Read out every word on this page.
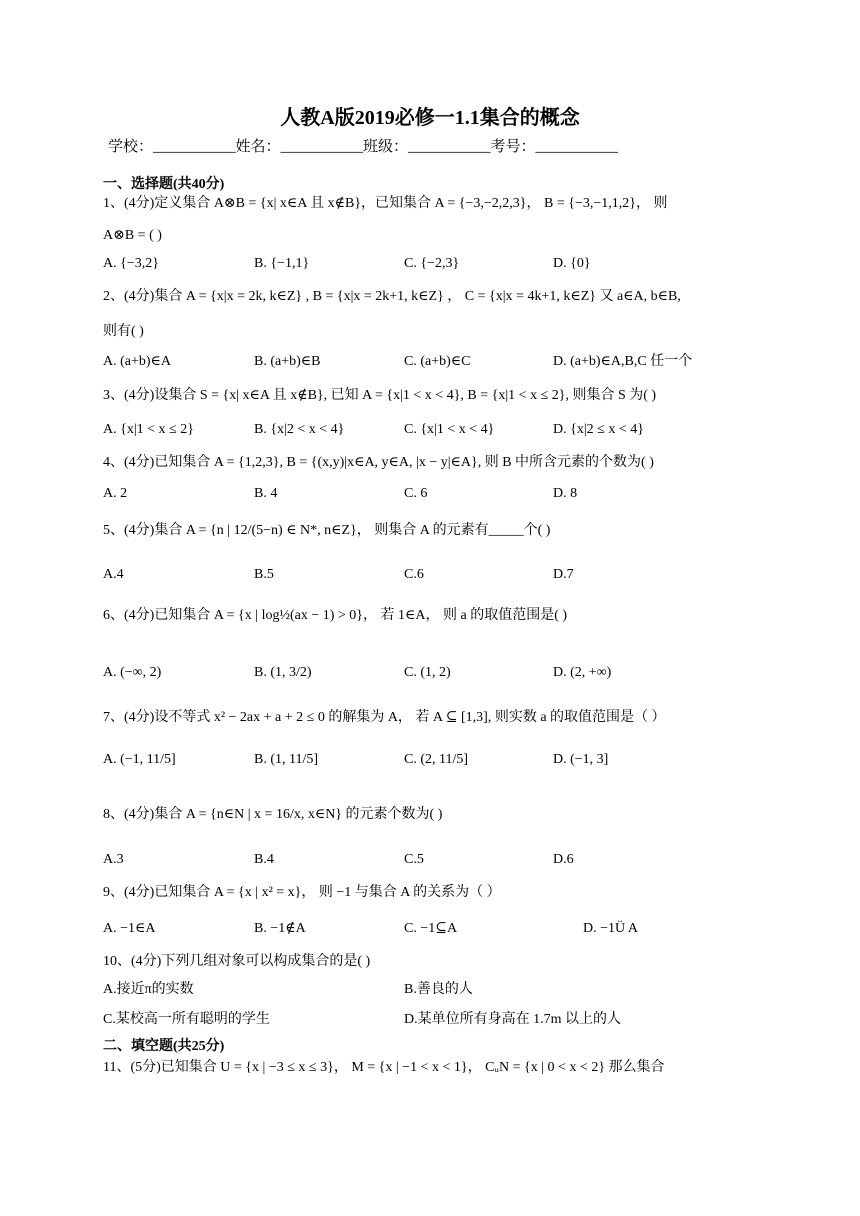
人教A版2019必修一1.1集合的概念
学校：___________姓名：___________班级：___________考号：___________
一、选择题(共40分)
1、(4分)定义集合 A⊗B = {x| x∈A 且 x∉B}，已知集合 A = {−3,−2,2,3}， B = {−3,−1,1,2}， 则
A⊗B = ( )
A. {−3,2}	B. {−1,1}	C. {−2,3}	D. {0}
2、(4分)集合 A = {x|x = 2k, k∈Z} , B = {x|x = 2k+1, k∈Z} ， C = {x|x = 4k+1, k∈Z} 又 a∈A, b∈B,
则有( )
A. (a+b)∈A	B. (a+b)∈B	C. (a+b)∈C	D. (a+b)∈A,B,C 任一个
3、(4分)设集合 S = {x| x∈A 且 x∉B}, 已知 A = {x|1 < x < 4}, B = {x|1 < x ≤ 2}, 则集合 S 为( )
A. {x|1 < x ≤ 2}	B. {x|2 < x < 4}	C. {x|1 < x < 4}	D. {x|2 ≤ x < 4}
4、(4分)已知集合 A = {1,2,3}, B = {(x,y)|x∈A, y∈A, |x − y|∈A}, 则 B 中所含元素的个数为( )
A. 2	B. 4	C. 6	D. 8
5、(4分)集合 A = {n | 12/(5−n) ∈ N*, n∈Z}， 则集合 A 的元素有_____个( )
A.4	B.5	C.6	D.7
6、(4分)已知集合 A = {x | log½(ax − 1) > 0}， 若 1∈A， 则 a 的取值范围是( )
A. (−∞, 2)	B. (1, 3/2)	C. (1, 2)	D. (2, +∞)
7、(4分)设不等式 x² − 2ax + a + 2 ≤ 0 的解集为 A， 若 A ⊆ [1,3], 则实数 a 的取值范围是（ ）
A. (−1, 11/5]	B. (1, 11/5]	C. (2, 11/5]	D. (−1, 3]
8、(4分)集合 A = {n∈N | x = 16/x, x∈N} 的元素个数为( )
A.3	B.4	C.5	D.6
9、(4分)已知集合 A = {x | x² = x}， 则 −1 与集合 A 的关系为（ ）
A. −1∈A	B. −1∉A	C. −1⊆A	D. −1Ü A
10、(4分)下列几组对象可以构成集合的是( )
A.接近π的实数	B.善良的人
C.某校高一所有聪明的学生	D.某单位所有身高在 1.7m 以上的人
二、填空题(共25分)
11、(5分)已知集合 U = {x | −3 ≤ x ≤ 3}， M = {x | −1 < x < 1}， CᵤN = {x | 0 < x < 2} 那么集合
